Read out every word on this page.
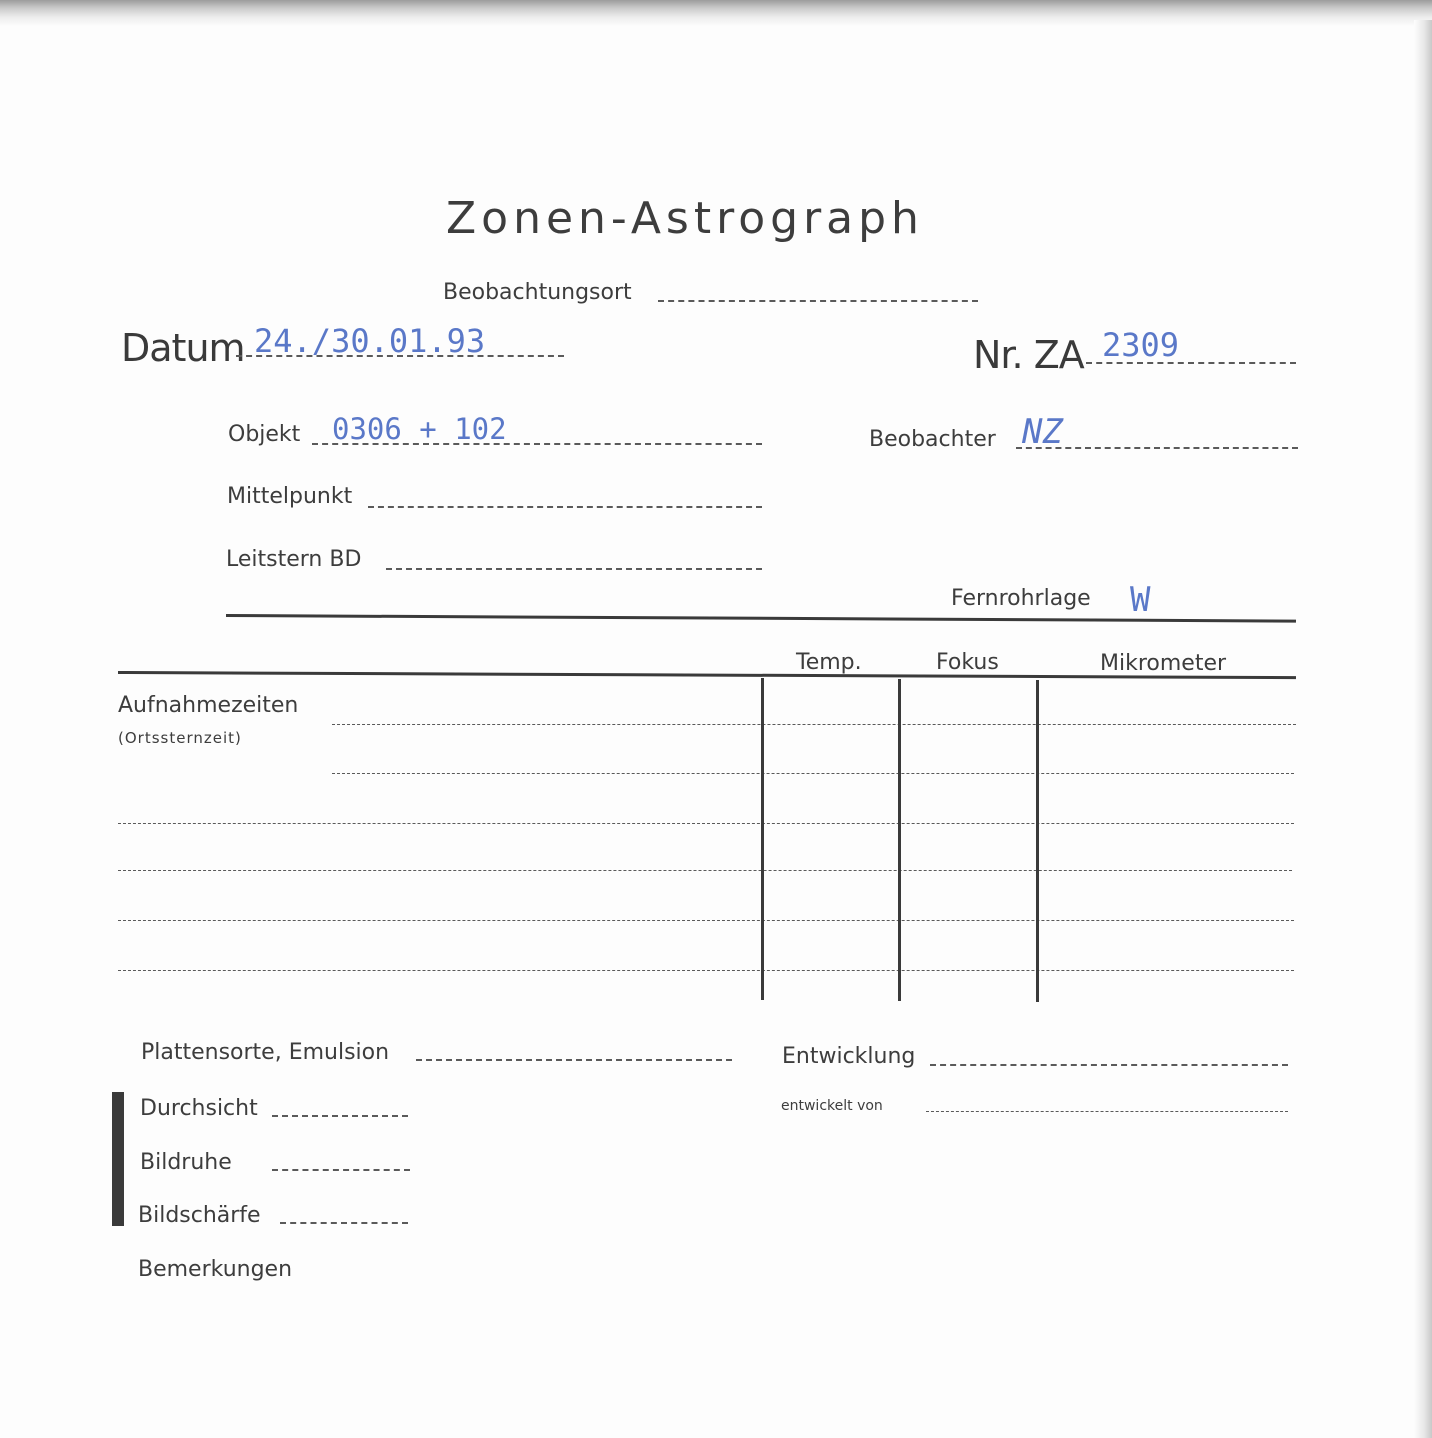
Zonen-Astrograph
Beobachtungsort
Datum 24./30.01.93	Nr. ZA 2309
Objekt 0306 + 102	Beobachter NZ
Mittelpunkt
Leitstern BD
Fernrohrlage W
Temp.	Fokus	Mikrometer
Aufnahmezeiten
(Ortssternzeit)
Plattensorte, Emulsion	Entwicklung
entwickelt von
Durchsicht
Bildruhe
Bildschärfe
Bemerkungen
